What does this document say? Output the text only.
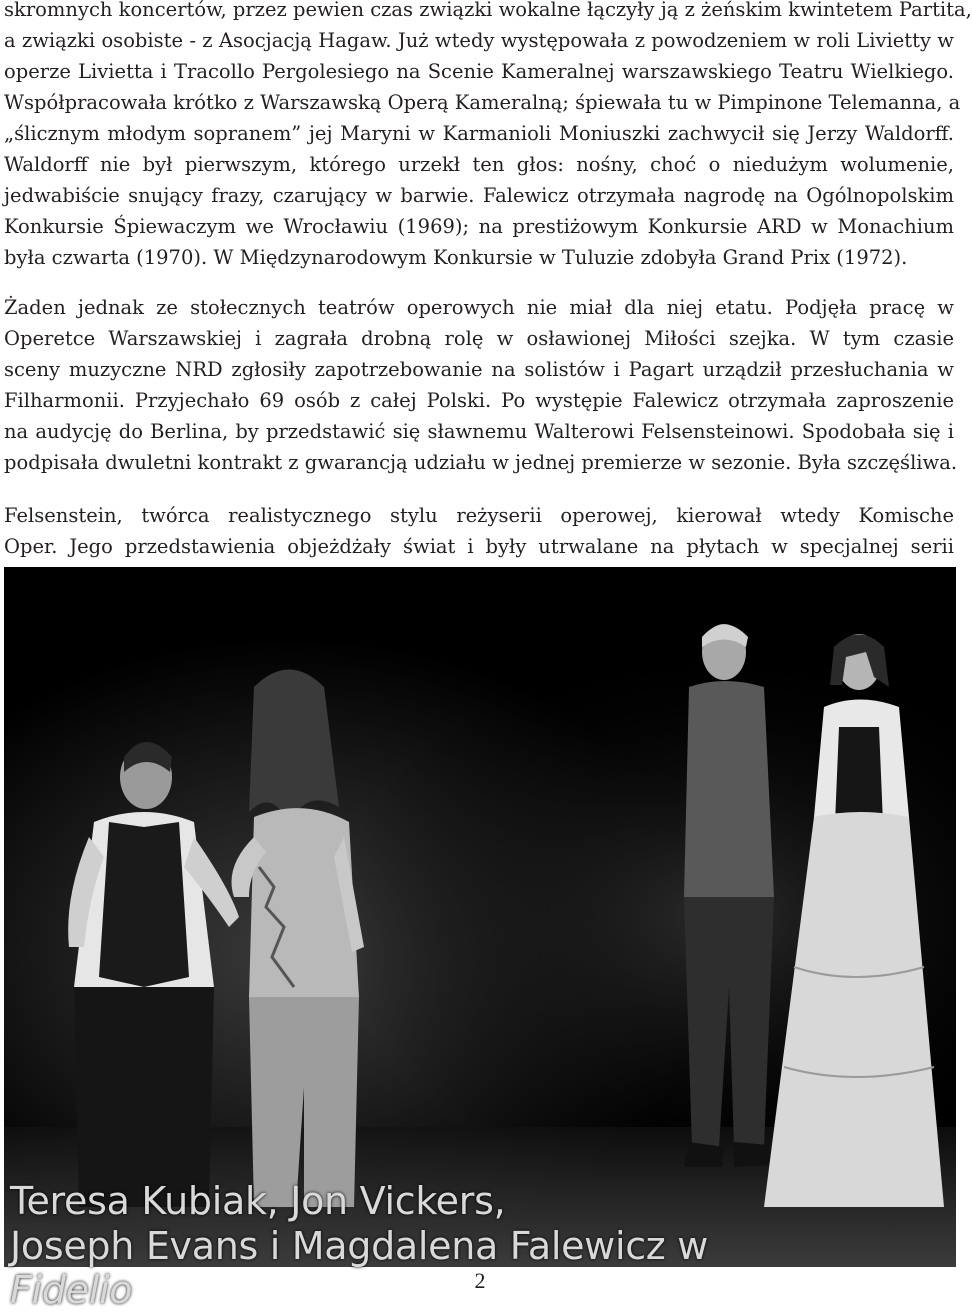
skromnych koncertów, przez pewien czas związki wokalne łączyły ją z żeńskim kwintetem Partita,
a związki osobiste - z Asocjacją Hagaw. Już wtedy występowała z powodzeniem w roli Livietty w
operze Livietta i Tracollo Pergolesiego na Scenie Kameralnej warszawskiego Teatru Wielkiego.
Współpracowała krótko z Warszawską Operą Kameralną; śpiewała tu w Pimpinone Telemanna, a
„ślicznym młodym sopranem” jej Maryni w Karmanioli Moniuszki zachwycił się Jerzy Waldorff.
Waldorff nie był pierwszym, którego urzekł ten głos: nośny, choć o niedużym wolumenie,
jedwabiście snujący frazy, czarujący w barwie. Falewicz otrzymała nagrodę na Ogólnopolskim
Konkursie Śpiewaczym we Wrocławiu (1969); na prestiżowym Konkursie ARD w Monachium
była czwarta (1970). W Międzynarodowym Konkursie w Tuluzie zdobyła Grand Prix (1972).
Żaden jednak ze stołecznych teatrów operowych nie miał dla niej etatu. Podjęła pracę w
Operetce Warszawskiej i zagrała drobną rolę w osławionej Miłości szejka. W tym czasie
sceny muzyczne NRD zgłosiły zapotrzebowanie na solistów i Pagart urządził przesłuchania w
Filharmonii. Przyjechało 69 osób z całej Polski. Po występie Falewicz otrzymała zaproszenie
na audycję do Berlina, by przedstawić się sławnemu Walterowi Felsensteinowi. Spodobała się i
podpisała dwuletni kontrakt z gwarancją udziału w jednej premierze w sezonie. Była szczęśliwa.
Felsenstein, twórca realistycznego stylu reżyserii operowej, kierował wtedy Komische
Oper. Jego przedstawienia objeżdżały świat i były utrwalane na płytach w specjalnej serii
Teresa Kubiak, Jon Vickers,
Joseph Evans i Magdalena Falewicz w Fidelio	2
